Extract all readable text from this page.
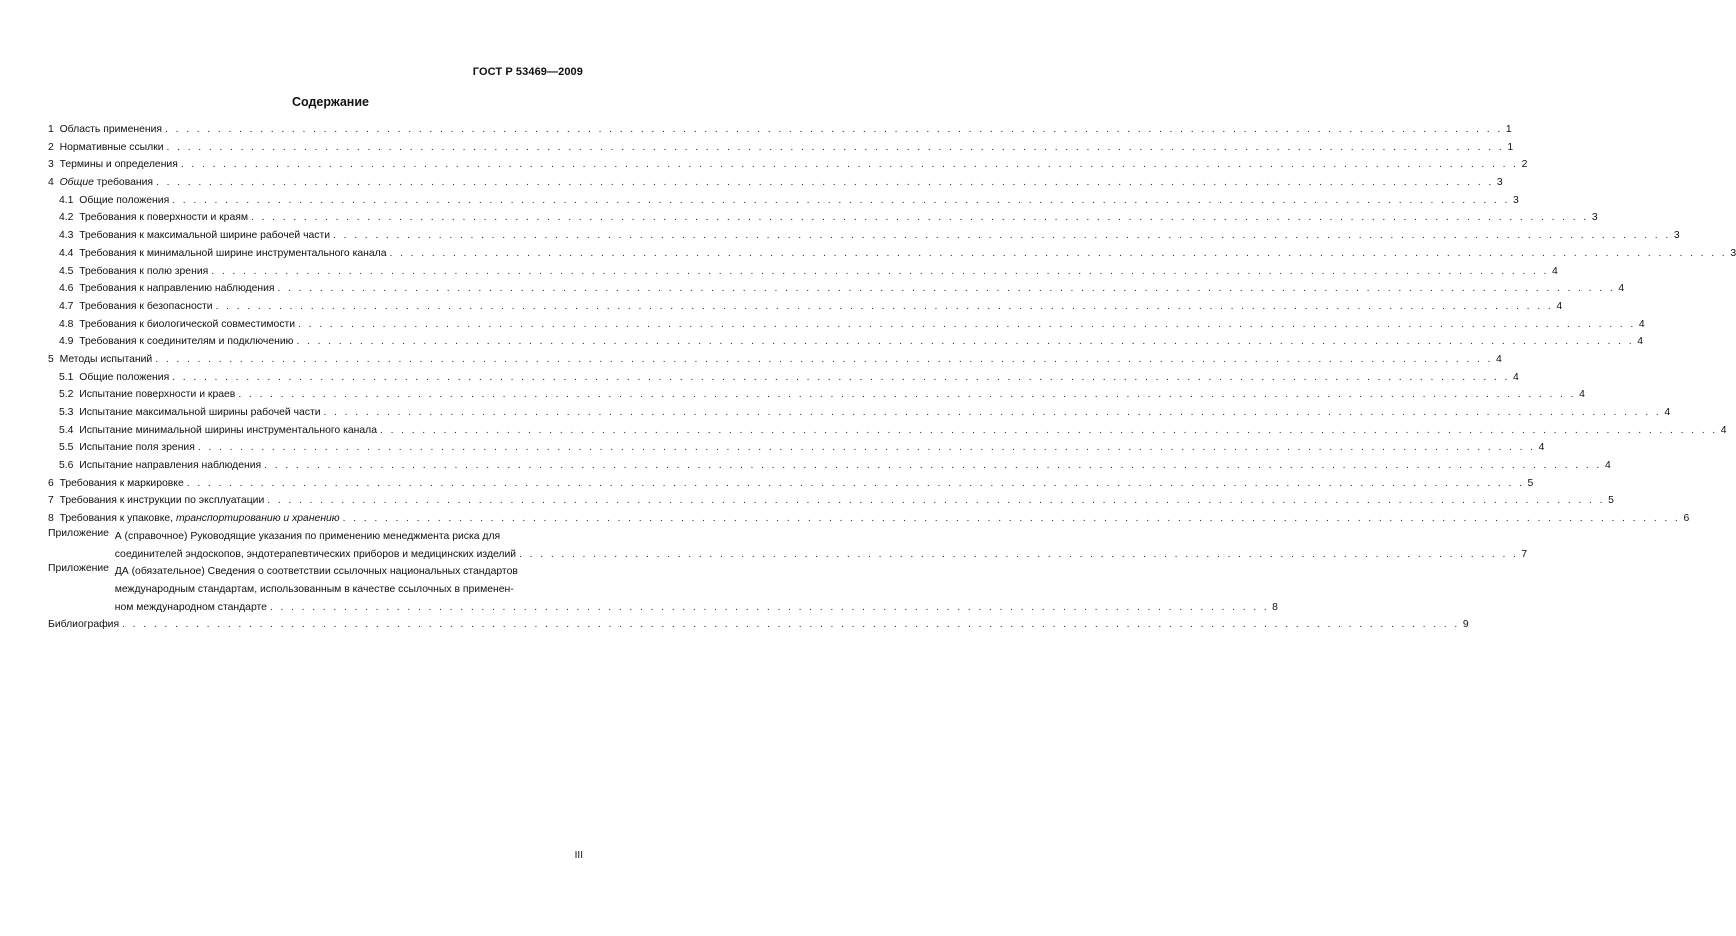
ГОСТ Р 53469—2009
Содержание
1 Область применения . . .	1
2 Нормативные ссылки . . .	1
3 Термины и определения . . .	2
4 Общие требования . . .	3
4.1 Общие положения . . .	3
4.2 Требования к поверхности и краям . . .	3
4.3 Требования к максимальной ширине рабочей части . . .	3
4.4 Требования к минимальной ширине инструментального канала . . .	3
4.5 Требования к полю зрения . . .	4
4.6 Требования к направлению наблюдения . . .	4
4.7 Требования к безопасности . . .	4
4.8 Требования к биологической совместимости . . .	4
4.9 Требования к соединителям и подключению . . .	4
5 Методы испытаний . . .	4
5.1 Общие положения . . .	4
5.2 Испытание поверхности и краев . . .	4
5.3 Испытание максимальной ширины рабочей части . . .	4
5.4 Испытание минимальной ширины инструментального канала . . .	4
5.5 Испытание поля зрения . . .	4
5.6 Испытание направления наблюдения . . .	4
6 Требования к маркировке . . .	5
7 Требования к инструкции по эксплуатации . . .	5
8 Требования к упаковке, транспортированию и хранению . . .	6
Приложение А (справочное) Руководящие указания по применению менеджмента риска для
соединителей эндоскопов, эндотерапевтических приборов и медицинских изделий . . .	7
Приложение ДА (обязательное) Сведения о соответствии ссылочных национальных стандартов
международным стандартам, использованным в качестве ссылочных в применен-
ном международном стандарте . . .	8
Библиография . . .	9
III
